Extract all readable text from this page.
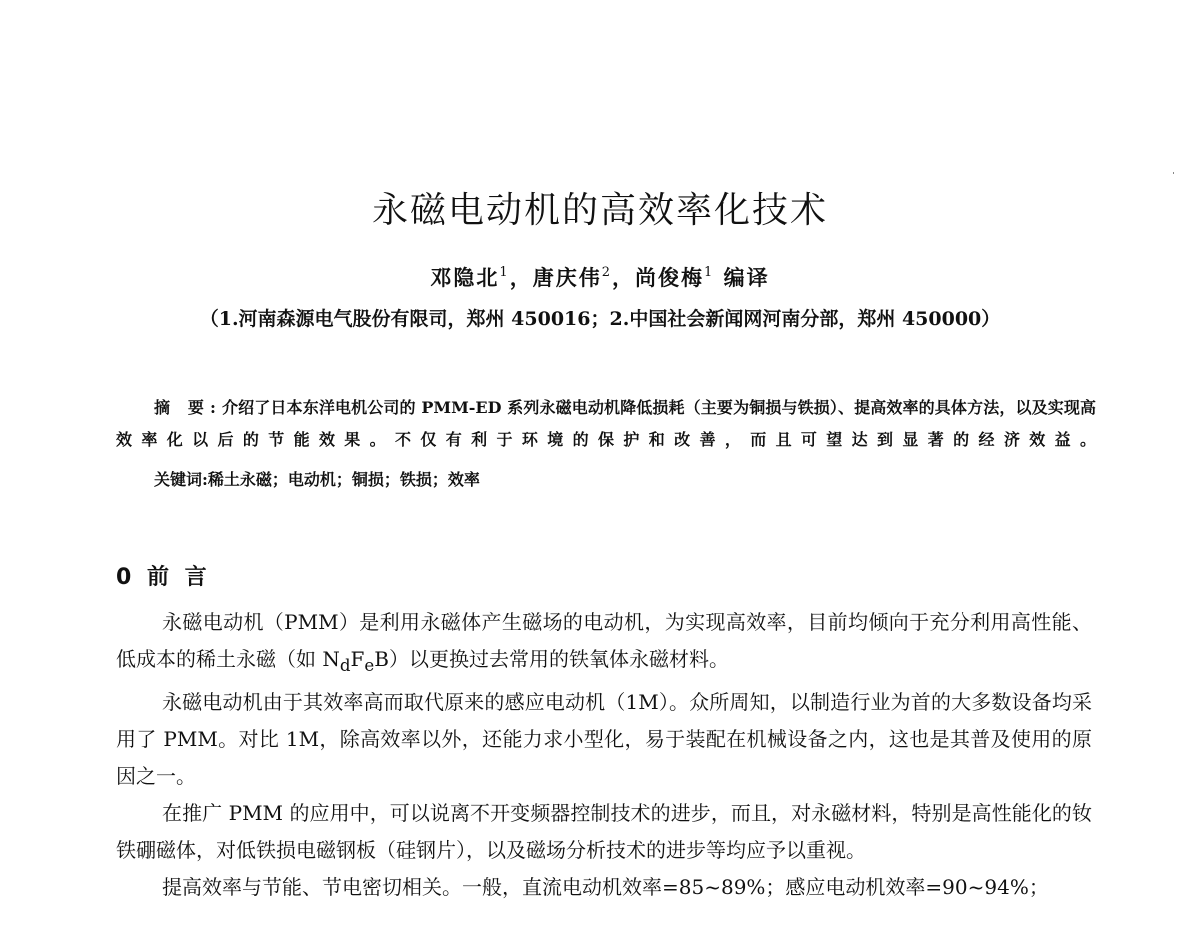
永磁电动机的高效率化技术
邓隐北$^1$，唐庆伟$^2$，尚俊梅$^1$ 编译
（1.河南森源电气股份有限司，郑州 450016；2.中国社会新闻网河南分部，郑州 450000）
摘 要:介绍了日本东洋电机公司的 PMM-ED 系列永磁电动机降低损耗（主要为铜损与铁损）、提高效率的具体方法，以及实现高效率化以后的节能效果。不仅有利于环境的保护和改善，而且可望达到显著的经济效益。
关键词:稀土永磁；电动机；铜损；铁损；效率
0 前 言

永磁电动机（PMM）是利用永磁体产生磁场的电动机，为实现高效率，目前均倾向于充分利用高性能、低成本的稀土永磁（如 $N_dF_eB$）以更换过去常用的铁氧体永磁材料。

永磁电动机由于其效率高而取代原来的感应电动机（1M）。众所周知，以制造行业为首的大多数设备均采用了 PMM。对比 1M，除高效率以外，还能力求小型化，易于装配在机械设备之内，这也是其普及使用的原因之一。

在推广 PMM 的应用中，可以说离不开变频器控制技术的进步，而且，对永磁材料，特别是高性能化的钕铁硼磁体，对低铁损电磁钢板（硅钢片），以及磁场分析技术的进步等均应予以重视。

提高效率与节能、节电密切相关。一般，直流电动机效率=85~89%；感应电动机效率=90~94%；
